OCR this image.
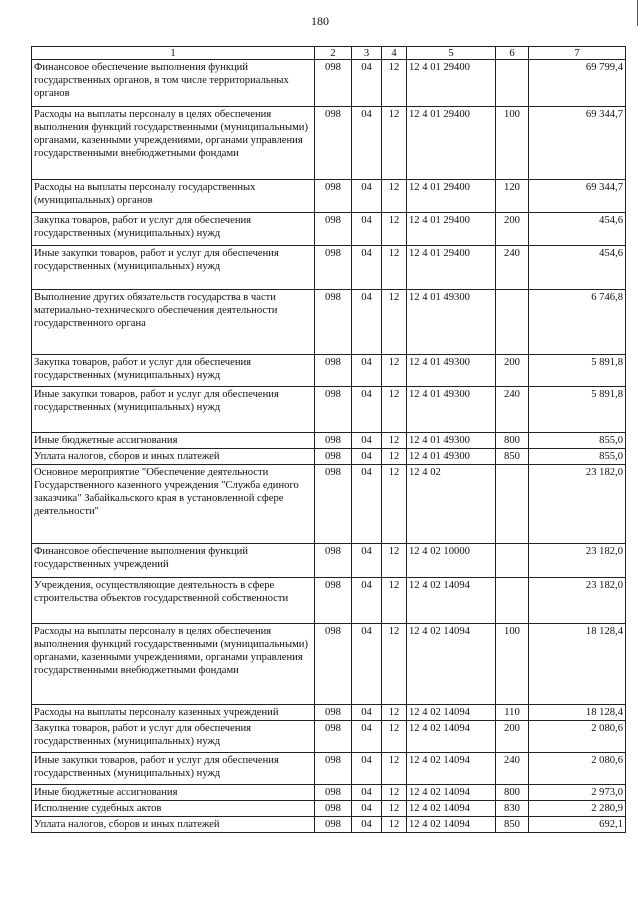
180
1	2	3	4	5	6	7
Финансовое обеспечение выполнения функций государственных органов, в том числе территориальных органов	098	04	12	12 4 01 29400		69 799,4
Расходы на выплаты персоналу в целях обеспечения выполнения функций государственными (муниципальными) органами, казенными учреждениями, органами управления государственными внебюджетными фондами	098	04	12	12 4 01 29400	100	69 344,7
Расходы на выплаты персоналу государственных (муниципальных) органов	098	04	12	12 4 01 29400	120	69 344,7
Закупка товаров, работ и услуг для обеспечения государственных (муниципальных) нужд	098	04	12	12 4 01 29400	200	454,6
Иные закупки товаров, работ и услуг для обеспечения государственных (муниципальных) нужд	098	04	12	12 4 01 29400	240	454,6
Выполнение других обязательств государства в части материально-технического обеспечения деятельности государственного органа	098	04	12	12 4 01 49300		6 746,8
Закупка товаров, работ и услуг для обеспечения государственных (муниципальных) нужд	098	04	12	12 4 01 49300	200	5 891,8
Иные закупки товаров, работ и услуг для обеспечения государственных (муниципальных) нужд	098	04	12	12 4 01 49300	240	5 891,8
Иные бюджетные ассигнования	098	04	12	12 4 01 49300	800	855,0
Уплата налогов, сборов и иных платежей	098	04	12	12 4 01 49300	850	855,0
Основное мероприятие "Обеспечение деятельности Государственного казенного учреждения "Служба единого заказчика" Забайкальского края в установленной сфере деятельности"	098	04	12	12 4 02		23 182,0
Финансовое обеспечение выполнения функций государственных учреждений	098	04	12	12 4 02 10000		23 182,0
Учреждения, осуществляющие деятельность в сфере строительства объектов государственной собственности	098	04	12	12 4 02 14094		23 182,0
Расходы на выплаты персоналу в целях обеспечения выполнения функций государственными (муниципальными) органами, казенными учреждениями, органами управления государственными внебюджетными фондами	098	04	12	12 4 02 14094	100	18 128,4
Расходы на выплаты персоналу казенных учреждений	098	04	12	12 4 02 14094	110	18 128,4
Закупка товаров, работ и услуг для обеспечения государственных (муниципальных) нужд	098	04	12	12 4 02 14094	200	2 080,6
Иные закупки товаров, работ и услуг для обеспечения государственных (муниципальных) нужд	098	04	12	12 4 02 14094	240	2 080,6
Иные бюджетные ассигнования	098	04	12	12 4 02 14094	800	2 973,0
Исполнение судебных актов	098	04	12	12 4 02 14094	830	2 280,9
Уплата налогов, сборов и иных платежей	098	04	12	12 4 02 14094	850	692,1
